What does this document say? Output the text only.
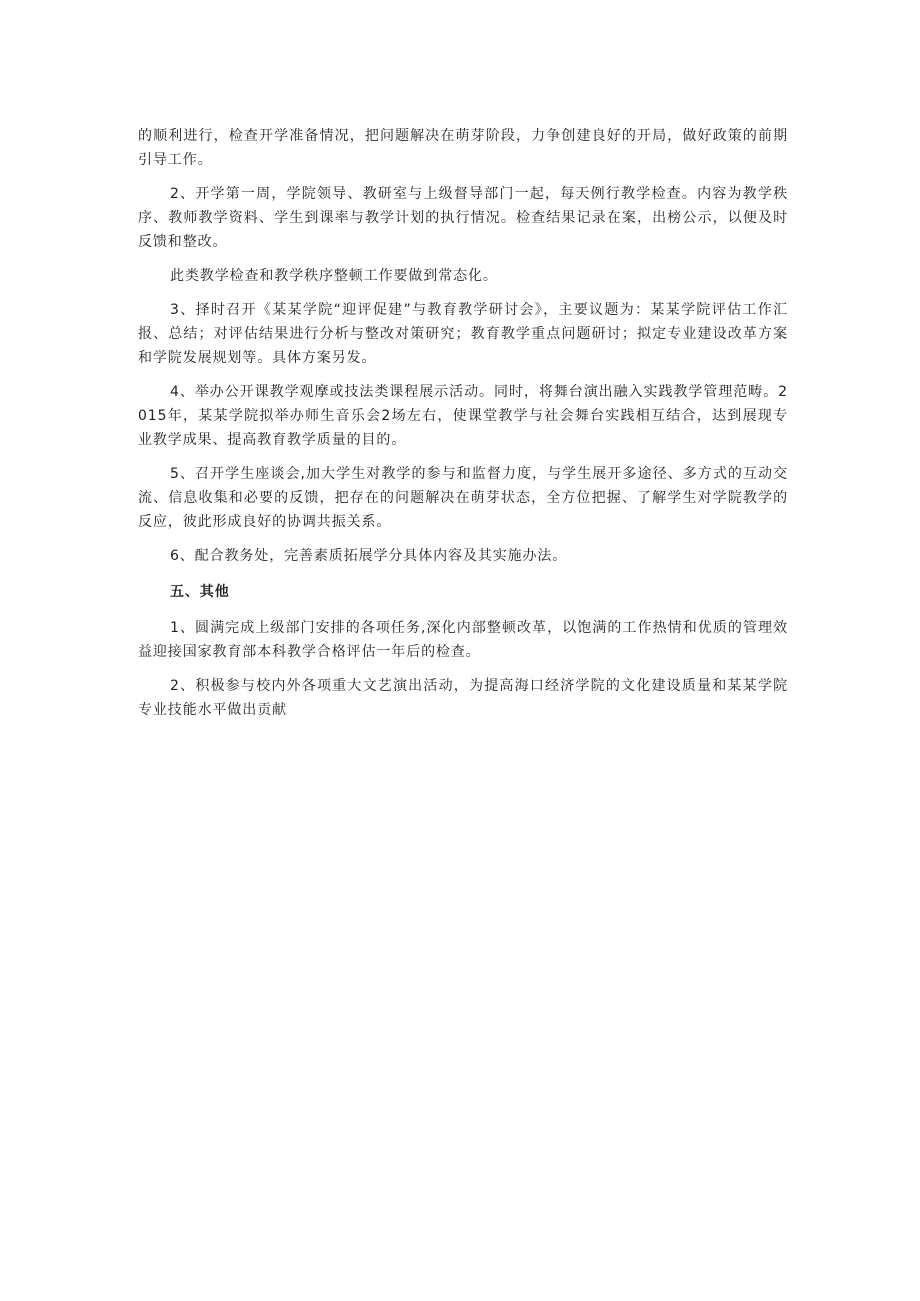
的顺利进行，检查开学准备情况，把问题解决在萌芽阶段，力争创建良好的开局，做好政策的前期引导工作。

2、开学第一周，学院领导、教研室与上级督导部门一起，每天例行教学检查。内容为教学秩序、教师教学资料、学生到课率与教学计划的执行情况。检查结果记录在案，出榜公示，以便及时反馈和整改。

此类教学检查和教学秩序整顿工作要做到常态化。

3、择时召开《某某学院“迎评促建”与教育教学研讨会》，主要议题为：某某学院评估工作汇报、总结；对评估结果进行分析与整改对策研究；教育教学重点问题研讨；拟定专业建设改革方案和学院发展规划等。具体方案另发。

4、举办公开课教学观摩或技法类课程展示活动。同时，将舞台演出融入实践教学管理范畴。2015年，某某学院拟举办师生音乐会2场左右，使课堂教学与社会舞台实践相互结合，达到展现专业教学成果、提高教育教学质量的目的。

5、召开学生座谈会,加大学生对教学的参与和监督力度，与学生展开多途径、多方式的互动交流、信息收集和必要的反馈，把存在的问题解决在萌芽状态，全方位把握、了解学生对学院教学的反应，彼此形成良好的协调共振关系。

6、配合教务处，完善素质拓展学分具体内容及其实施办法。

五、其他

1、圆满完成上级部门安排的各项任务,深化内部整顿改革，以饱满的工作热情和优质的管理效益迎接国家教育部本科教学合格评估一年后的检查。

2、积极参与校内外各项重大文艺演出活动，为提高海口经济学院的文化建设质量和某某学院专业技能水平做出贡献
